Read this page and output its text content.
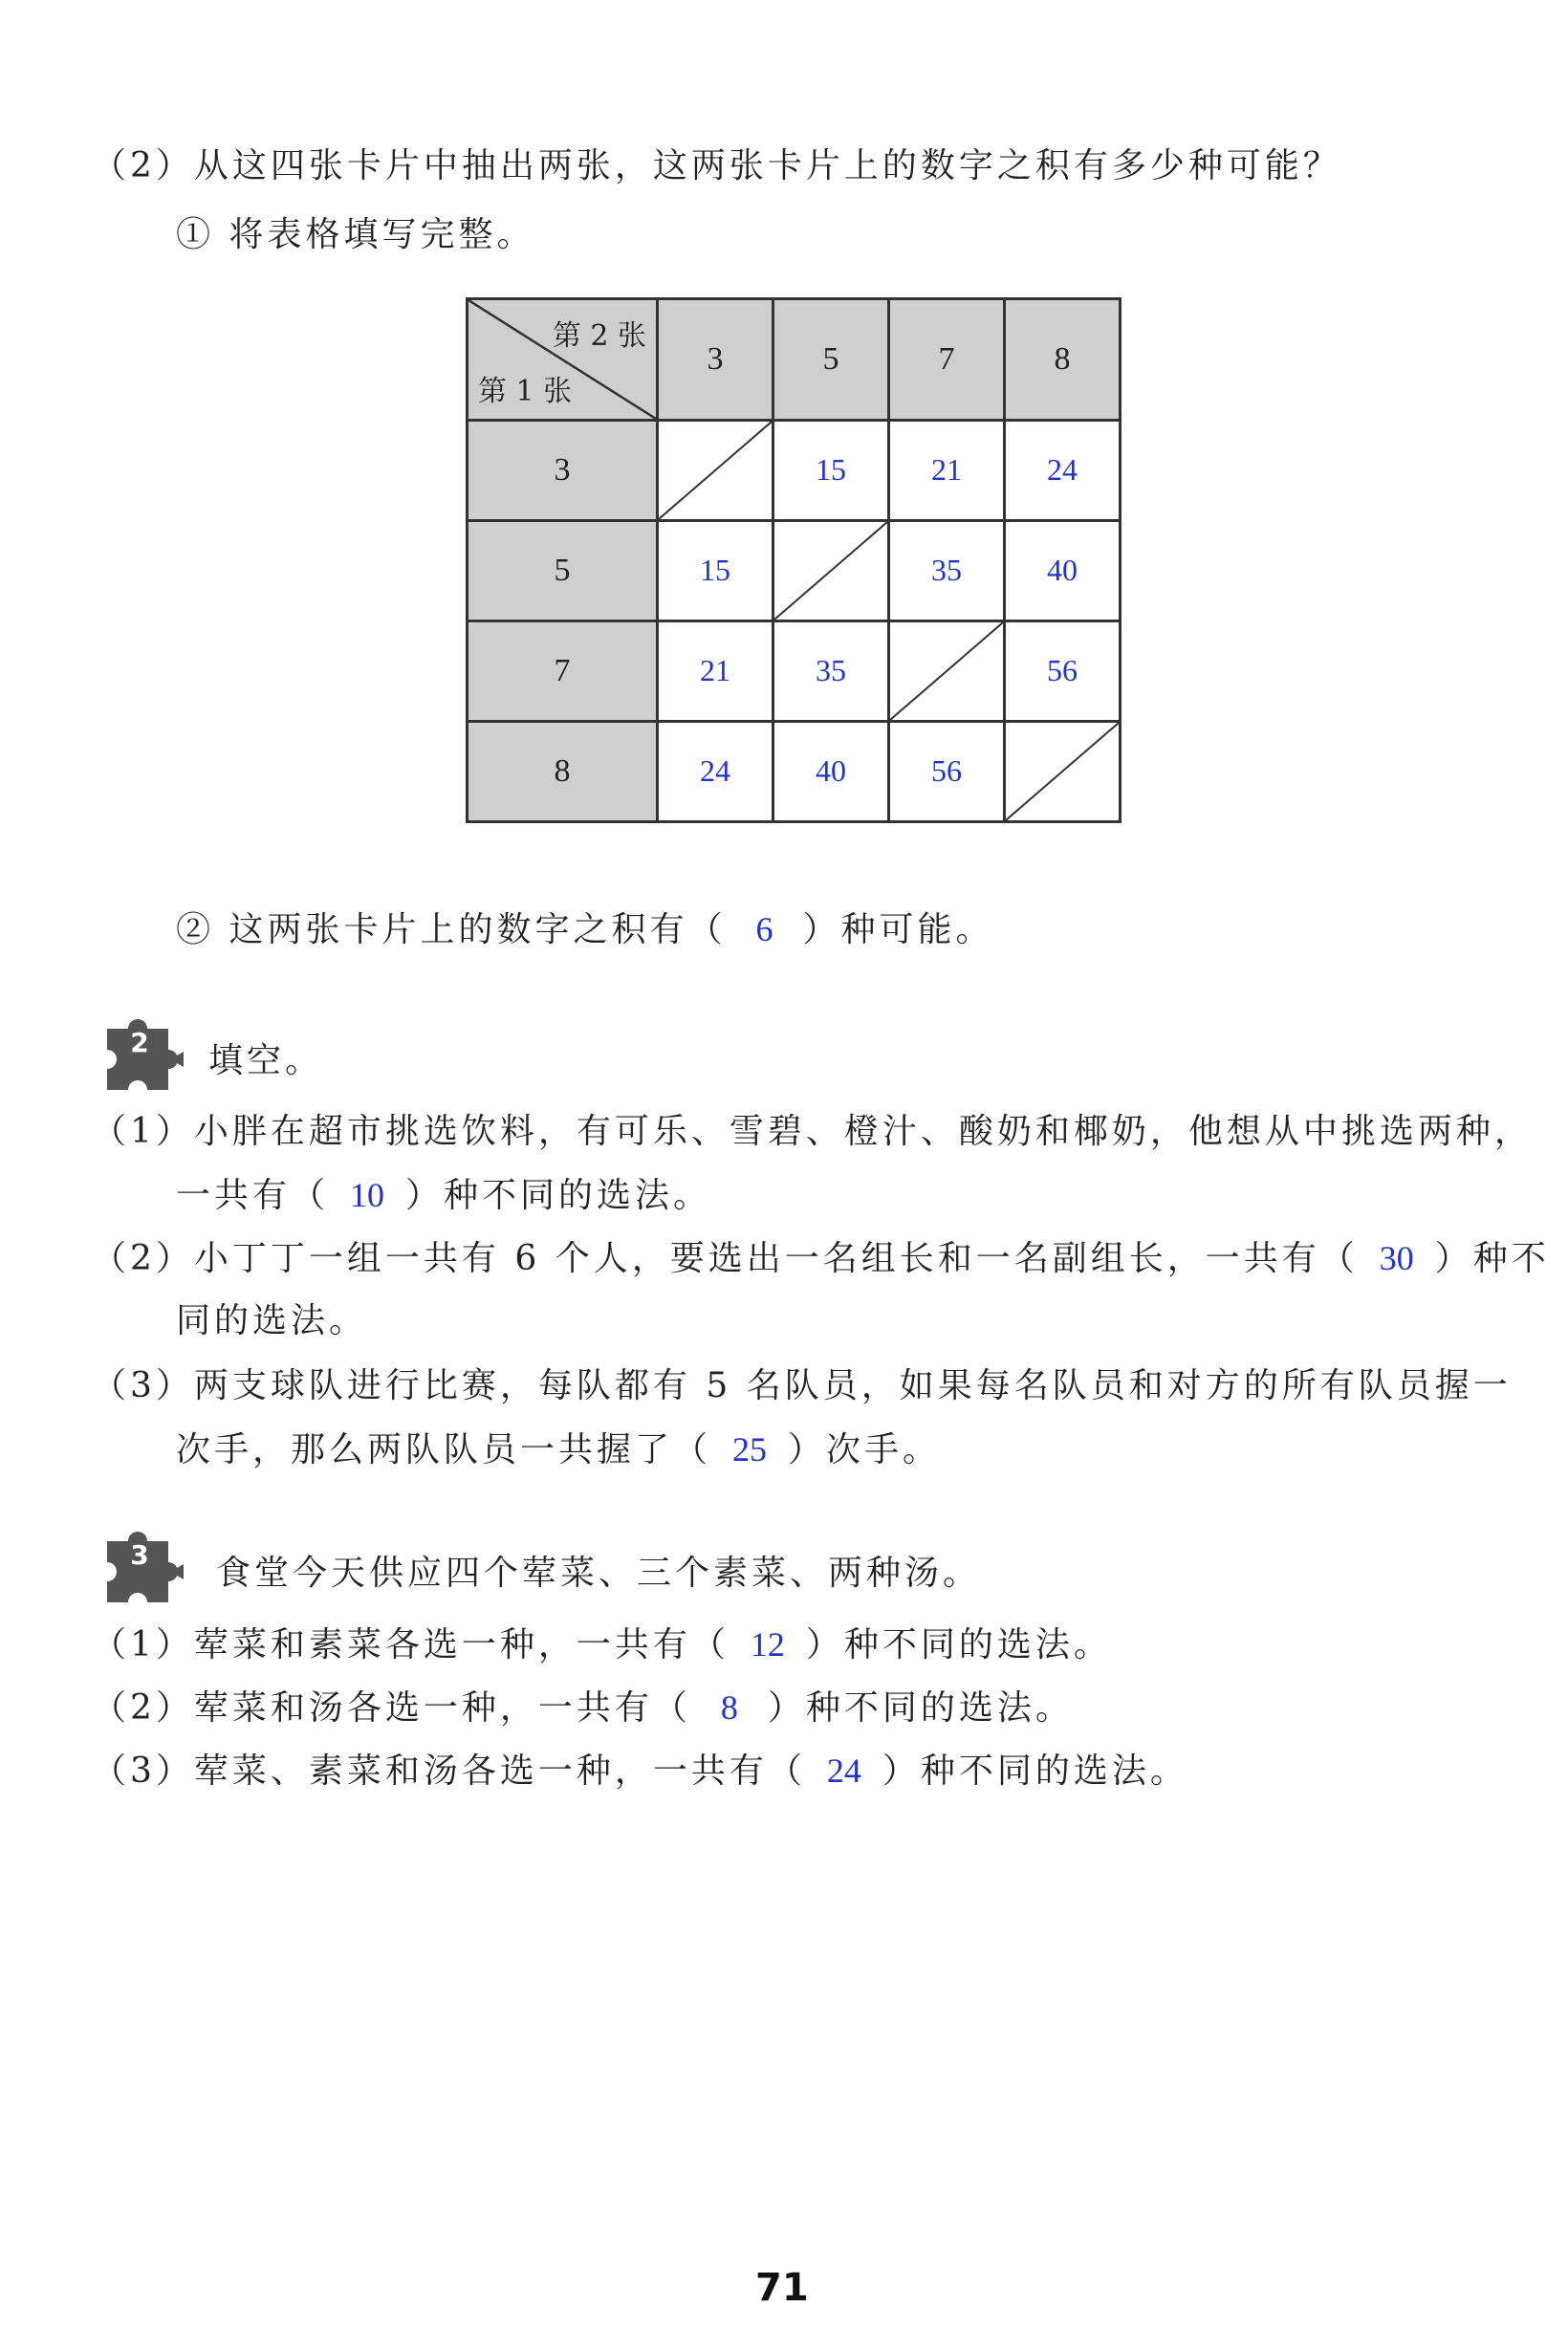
（2）从这四张卡片中抽出两张，这两张卡片上的数字之积有多少种可能？
① 将表格填写完整。
第 2 张
第 1 张	3	5	7	8
3		15	21	24
5	15		35	40
7	21	35		56
8	24	40	56	
② 这两张卡片上的数字之积有（ 6 ）种可能。
2 填空。
（1）小胖在超市挑选饮料，有可乐、雪碧、橙汁、酸奶和椰奶，他想从中挑选两种，
一共有（ 10 ）种不同的选法。
（2）小丁丁一组一共有 6 个人，要选出一名组长和一名副组长，一共有（ 30 ）种不
同的选法。
（3）两支球队进行比赛，每队都有 5 名队员，如果每名队员和对方的所有队员握一
次手，那么两队队员一共握了（ 25 ）次手。
3 食堂今天供应四个荤菜、三个素菜、两种汤。
（1）荤菜和素菜各选一种，一共有（ 12 ）种不同的选法。
（2）荤菜和汤各选一种，一共有（ 8 ）种不同的选法。
（3）荤菜、素菜和汤各选一种，一共有（ 24 ）种不同的选法。
71
